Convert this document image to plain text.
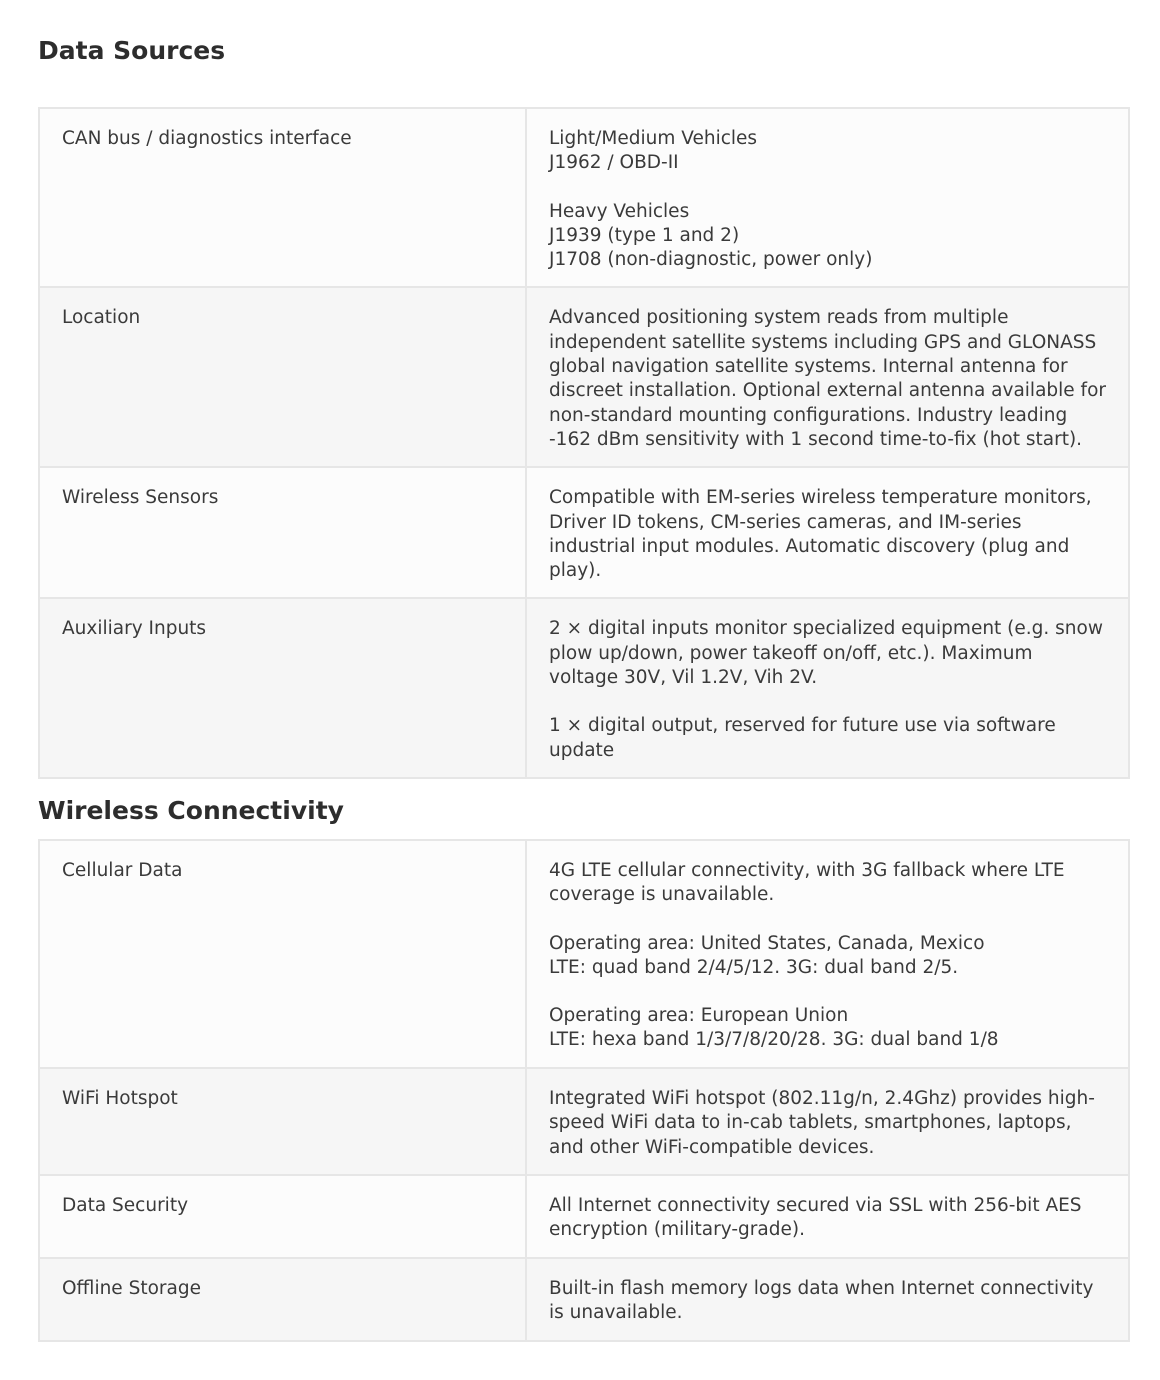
Data Sources
CAN bus / diagnostics interface	Light/Medium Vehicles
J1962 / OBD-II
Heavy Vehicles
J1939 (type 1 and 2)
J1708 (non-diagnostic, power only)

Location	Advanced positioning system reads from multiple independent satellite systems including GPS and GLONASS global navigation satellite systems. Internal antenna for discreet installation. Optional external antenna available for non-standard mounting configurations. Industry leading -162 dBm sensitivity with 1 second time-to-fix (hot start).

Wireless Sensors	Compatible with EM-series wireless temperature monitors, Driver ID tokens, CM-series cameras, and IM-series industrial input modules. Automatic discovery (plug and play).

Auxiliary Inputs	2 × digital inputs monitor specialized equipment (e.g. snow plow up/down, power takeoff on/off, etc.). Maximum voltage 30V, Vil 1.2V, Vih 2V.
1 × digital output, reserved for future use via software update
Wireless Connectivity
Cellular Data	4G LTE cellular connectivity, with 3G fallback where LTE coverage is unavailable.
Operating area: United States, Canada, Mexico
LTE: quad band 2/4/5/12. 3G: dual band 2/5.
Operating area: European Union
LTE: hexa band 1/3/7/8/20/28. 3G: dual band 1/8

WiFi Hotspot	Integrated WiFi hotspot (802.11g/n, 2.4Ghz) provides high-speed WiFi data to in-cab tablets, smartphones, laptops, and other WiFi-compatible devices.

Data Security	All Internet connectivity secured via SSL with 256-bit AES encryption (military-grade).

Offline Storage	Built-in flash memory logs data when Internet connectivity is unavailable.
